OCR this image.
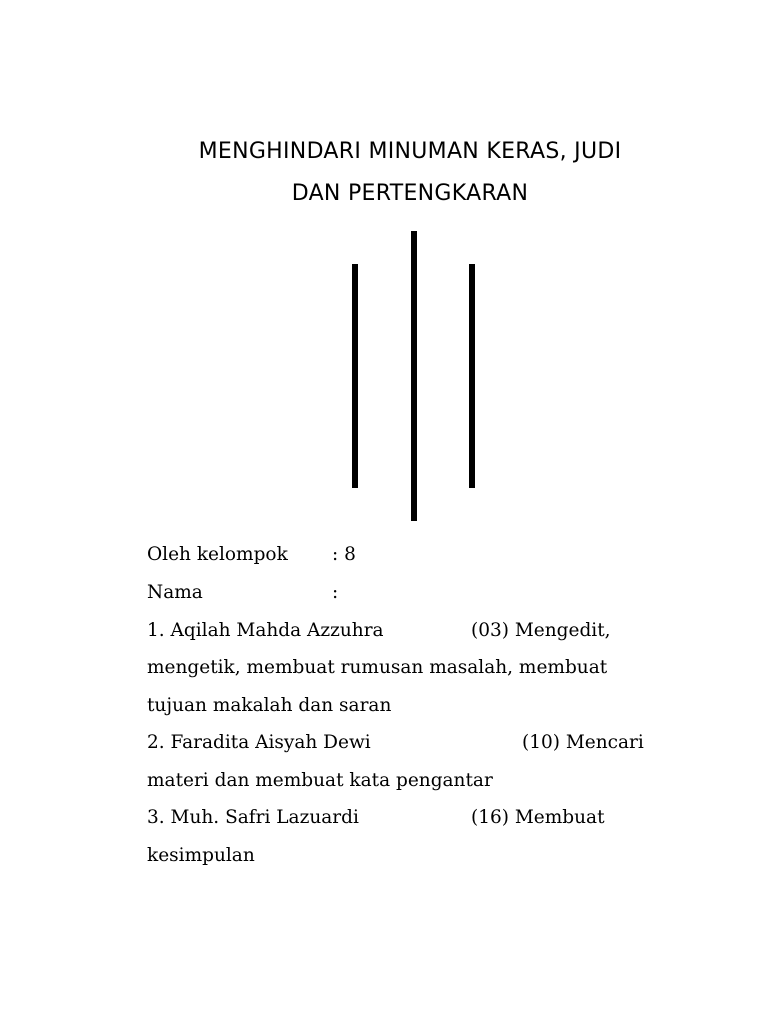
MENGHINDARI MINUMAN KERAS, JUDI
DAN PERTENGKARAN
Oleh kelompok : 8
Nama	:
1. Aqilah Mahda Azzuhra	(03) Mengedit,
mengetik, membuat rumusan masalah, membuat
tujuan makalah dan saran
2. Faradita Aisyah Dewi	(10) Mencari
materi dan membuat kata pengantar
3. Muh. Safri Lazuardi	(16) Membuat
kesimpulan
